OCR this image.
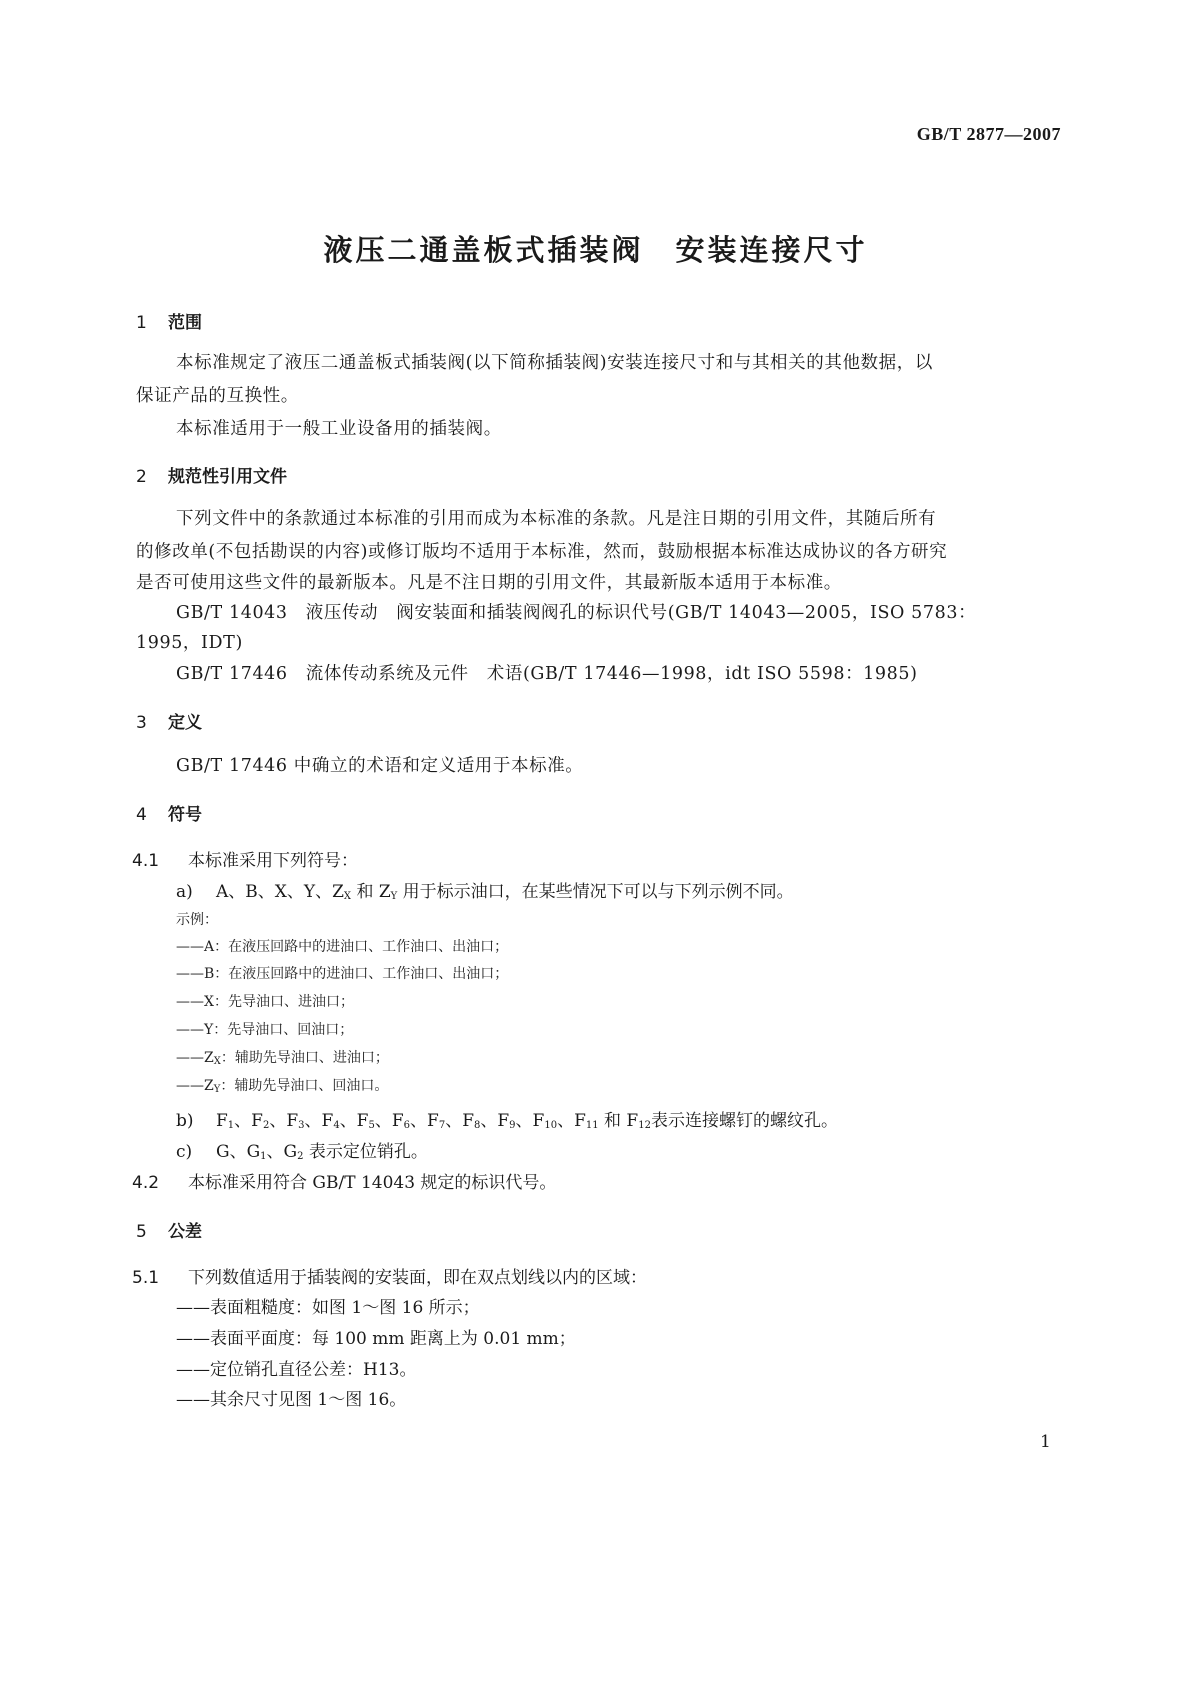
GB/T 2877—2007
液压二通盖板式插装阀　安装连接尺寸
1 范围
本标准规定了液压二通盖板式插装阀(以下简称插装阀)安装连接尺寸和与其相关的其他数据，以
保证产品的互换性。
本标准适用于一般工业设备用的插装阀。
2 规范性引用文件
下列文件中的条款通过本标准的引用而成为本标准的条款。凡是注日期的引用文件，其随后所有
的修改单(不包括勘误的内容)或修订版均不适用于本标准，然而，鼓励根据本标准达成协议的各方研究
是否可使用这些文件的最新版本。凡是不注日期的引用文件，其最新版本适用于本标准。
GB/T 14043　液压传动　阀安装面和插装阀阀孔的标识代号(GB/T 14043—2005，ISO 5783：
1995，IDT)
GB/T 17446　流体传动系统及元件　术语(GB/T 17446—1998，idt ISO 5598：1985)
3 定义
GB/T 17446 中确立的术语和定义适用于本标准。
4 符号
4.1 本标准采用下列符号：
a) A、B、X、Y、$Z_X$ 和 $Z_Y$ 用于标示油口，在某些情况下可以与下列示例不同。
示例：
——A：在液压回路中的进油口、工作油口、出油口；
——B：在液压回路中的进油口、工作油口、出油口；
——X：先导油口、进油口；
——Y：先导油口、回油口；
$——Z_X$：辅助先导油口、进油口；
$——Z_Y$：辅助先导油口、回油口。
b) $F_1$、$F_2$、$F_3$、$F_4$、$F_5$、$F_6$、$F_7$、$F_8$、$F_9$、$F_{10}$、$F_{11}$ 和 $F_{12}$表示连接螺钉的螺纹孔。
c) G、$G_1$、$G_2$ 表示定位销孔。
4.2 本标准采用符合 GB/T 14043 规定的标识代号。
5 公差
5.1 下列数值适用于插装阀的安装面，即在双点划线以内的区域：
——表面粗糙度：如图 1～图 16 所示；
——表面平面度：每 100 mm 距离上为 0.01 mm；
——定位销孔直径公差：H13。
——其余尺寸见图 1～图 16。
1
